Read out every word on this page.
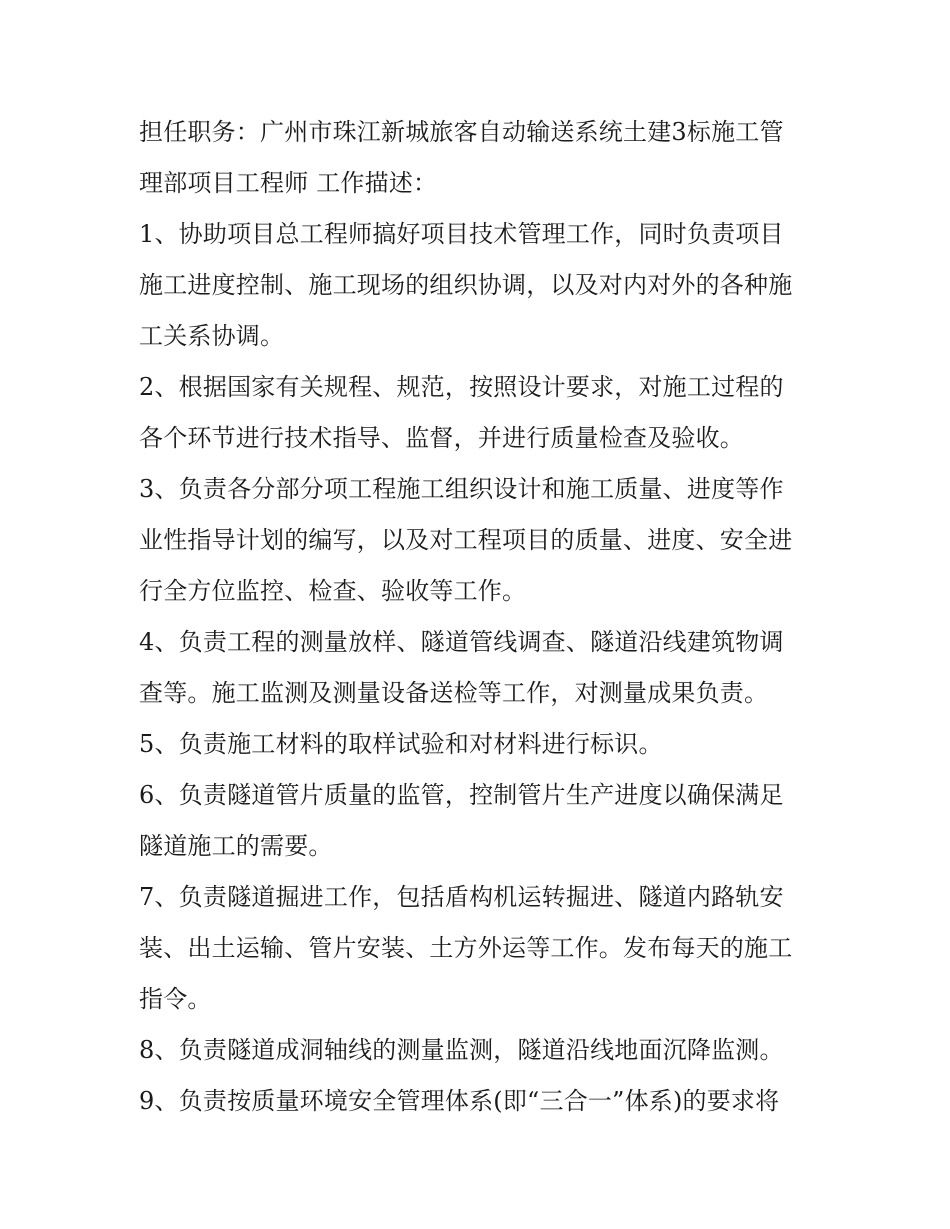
担任职务：广州市珠江新城旅客自动输送系统土建3标施工管
理部项目工程师 工作描述：
1、协助项目总工程师搞好项目技术管理工作，同时负责项目
施工进度控制、施工现场的组织协调，以及对内对外的各种施
工关系协调。
2、根据国家有关规程、规范，按照设计要求，对施工过程的
各个环节进行技术指导、监督，并进行质量检查及验收。
3、负责各分部分项工程施工组织设计和施工质量、进度等作
业性指导计划的编写，以及对工程项目的质量、进度、安全进
行全方位监控、检查、验收等工作。
4、负责工程的测量放样、隧道管线调查、隧道沿线建筑物调
查等。施工监测及测量设备送检等工作，对测量成果负责。
5、负责施工材料的取样试验和对材料进行标识。
6、负责隧道管片质量的监管，控制管片生产进度以确保满足
隧道施工的需要。
7、负责隧道掘进工作，包括盾构机运转掘进、隧道内路轨安
装、出土运输、管片安装、土方外运等工作。发布每天的施工
指令。
8、负责隧道成洞轴线的测量监测，隧道沿线地面沉降监测。
9、负责按质量环境安全管理体系(即“三合一”体系)的要求将
